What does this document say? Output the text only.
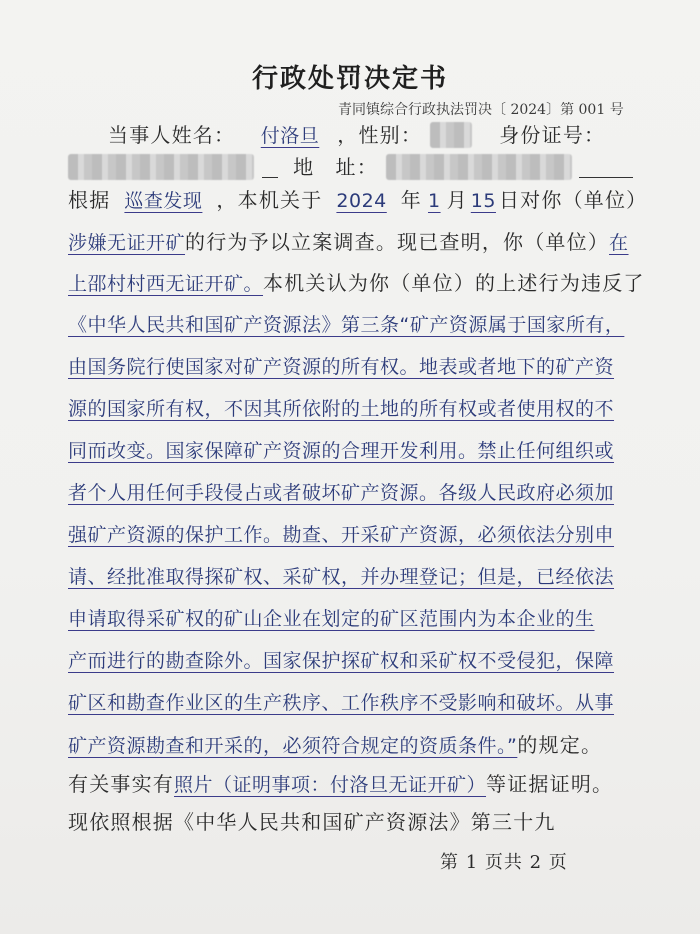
行政处罚决定书
青同镇综合行政执法罚决〔 2024〕第 001 号
当事人姓名： 付洛旦 ，性别：	身份证号：
地　址：
根据 巡查发现 ，本机关于 2024 年 1 月 15 日对你（单位）
涉嫌无证开矿的行为予以立案调查。现已查明，你（单位）在
上邵村村西无证开矿。本机关认为你（单位）的上述行为违反了
《中华人民共和国矿产资源法》第三条“矿产资源属于国家所有，
由国务院行使国家对矿产资源的所有权。地表或者地下的矿产资
源的国家所有权，不因其所依附的土地的所有权或者使用权的不
同而改变。国家保障矿产资源的合理开发利用。禁止任何组织或
者个人用任何手段侵占或者破坏矿产资源。各级人民政府必须加
强矿产资源的保护工作。勘查、开采矿产资源，必须依法分别申
请、经批准取得探矿权、采矿权，并办理登记；但是，已经依法
申请取得采矿权的矿山企业在划定的矿区范围内为本企业的生
产而进行的勘查除外。国家保护探矿权和采矿权不受侵犯，保障
矿区和勘查作业区的生产秩序、工作秩序不受影响和破坏。从事
矿产资源勘查和开采的，必须符合规定的资质条件。”的规定。
有关事实有照片（证明事项：付洛旦无证开矿）等证据证明。
现依照根据《中华人民共和国矿产资源法》第三十九
第 1 页共 2 页
